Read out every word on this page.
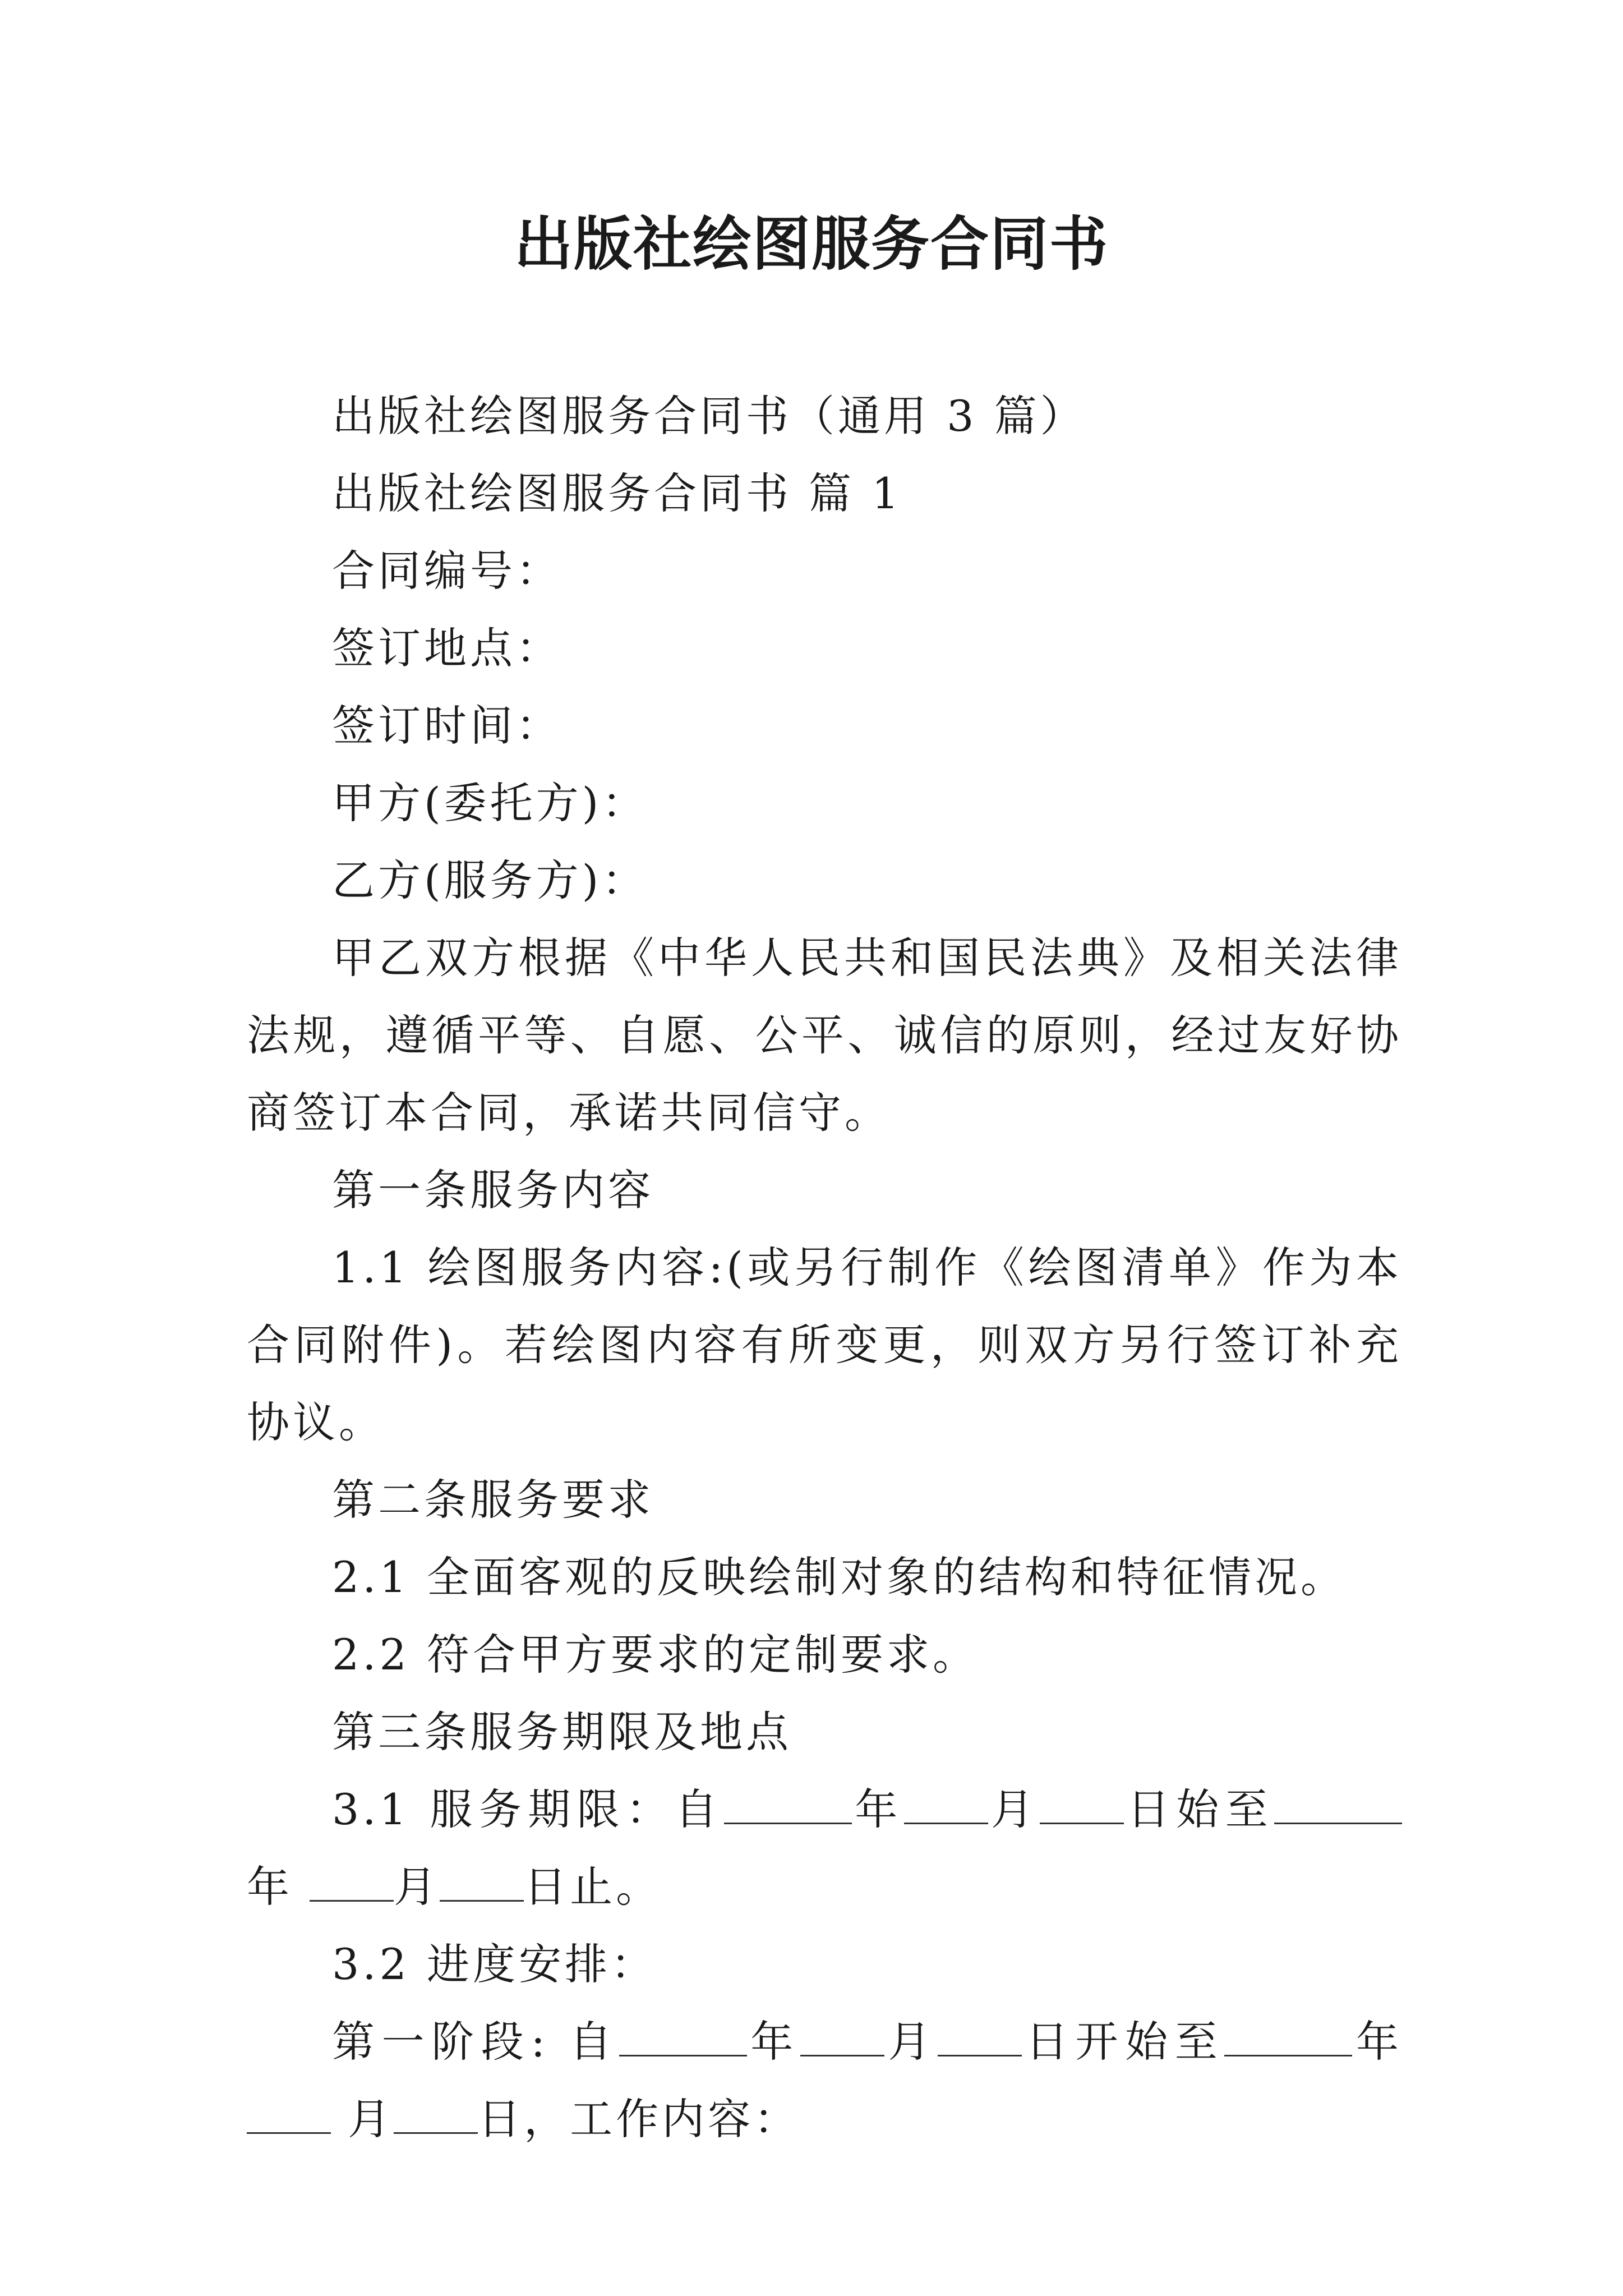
出版社绘图服务合同书

出版社绘图服务合同书（通用 3 篇）

出版社绘图服务合同书 篇 1

合同编号：

签订地点：

签订时间：

甲方(委托方)：

乙方(服务方)：

甲乙双方根据《中华人民共和国民法典》及相关法律法规，遵循平等、自愿、公平、诚信的原则，经过友好协商签订本合同，承诺共同信守。

第一条服务内容

1.1 绘图服务内容:(或另行制作《绘图清单》作为本合同附件)。若绘图内容有所变更，则双方另行签订补充协议。

第二条服务要求

2.1 全面客观的反映绘制对象的结构和特征情况。

2.2 符合甲方要求的定制要求。

第三条服务期限及地点

3.1 服务期限：自	年 月 日始至年 月 日止。

3.2 进度安排：

第一阶段: 自	年 月 日开始至	年 月 日，工作内容：
